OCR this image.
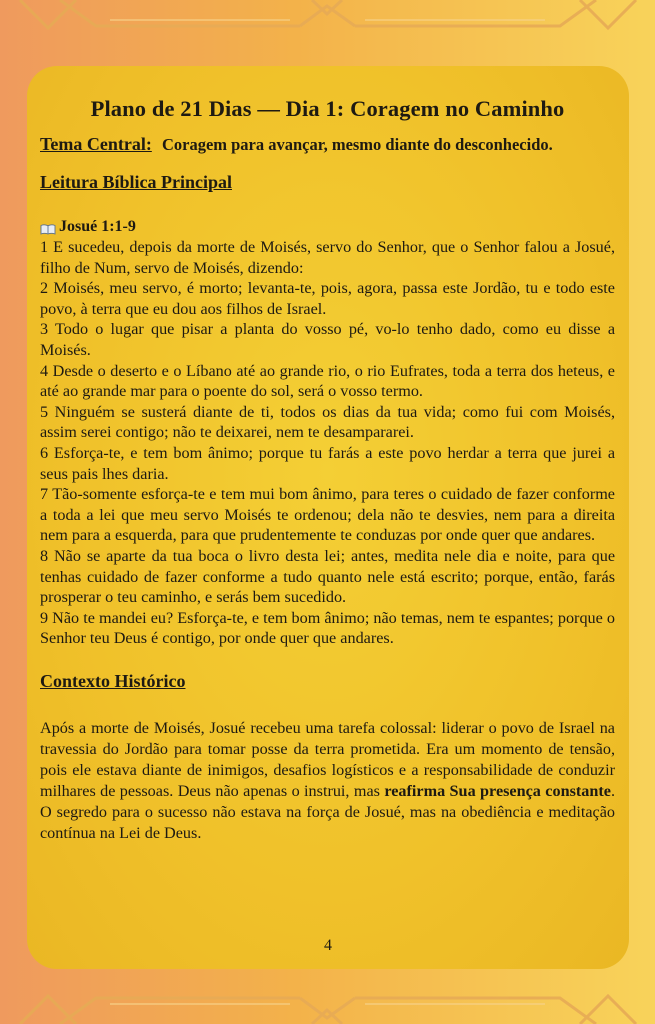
Plano de 21 Dias — Dia 1: Coragem no Caminho
Tema Central: Coragem para avançar, mesmo diante do desconhecido.
Leitura Bíblica Principal
Josué 1:1-9

1 E sucedeu, depois da morte de Moisés, servo do Senhor, que o Senhor falou a Josué, filho de Num, servo de Moisés, dizendo:

2 Moisés, meu servo, é morto; levanta-te, pois, agora, passa este Jordão, tu e todo este povo, à terra que eu dou aos filhos de Israel.

3 Todo o lugar que pisar a planta do vosso pé, vo-lo tenho dado, como eu disse a Moisés.

4 Desde o deserto e o Líbano até ao grande rio, o rio Eufrates, toda a terra dos heteus, e até ao grande mar para o poente do sol, será o vosso termo.

5 Ninguém se susterá diante de ti, todos os dias da tua vida; como fui com Moisés, assim serei contigo; não te deixarei, nem te desampararei.

6 Esforça-te, e tem bom ânimo; porque tu farás a este povo herdar a terra que jurei a seus pais lhes daria.

7 Tão-somente esforça-te e tem mui bom ânimo, para teres o cuidado de fazer conforme a toda a lei que meu servo Moisés te ordenou; dela não te desvies, nem para a direita nem para a esquerda, para que prudentemente te conduzas por onde quer que andares.

8 Não se aparte da tua boca o livro desta lei; antes, medita nele dia e noite, para que tenhas cuidado de fazer conforme a tudo quanto nele está escrito; porque, então, farás prosperar o teu caminho, e serás bem sucedido.

9 Não te mandei eu? Esforça-te, e tem bom ânimo; não temas, nem te espantes; porque o Senhor teu Deus é contigo, por onde quer que andares.

Contexto Histórico
Após a morte de Moisés, Josué recebeu uma tarefa colossal: liderar o povo de Israel na travessia do Jordão para tomar posse da terra prometida. Era um momento de tensão, pois ele estava diante de inimigos, desafios logísticos e a responsabilidade de conduzir milhares de pessoas. Deus não apenas o instrui, mas reafirma Sua presença constante. O segredo para o sucesso não estava na força de Josué, mas na obediência e meditação contínua na Lei de Deus.
4
